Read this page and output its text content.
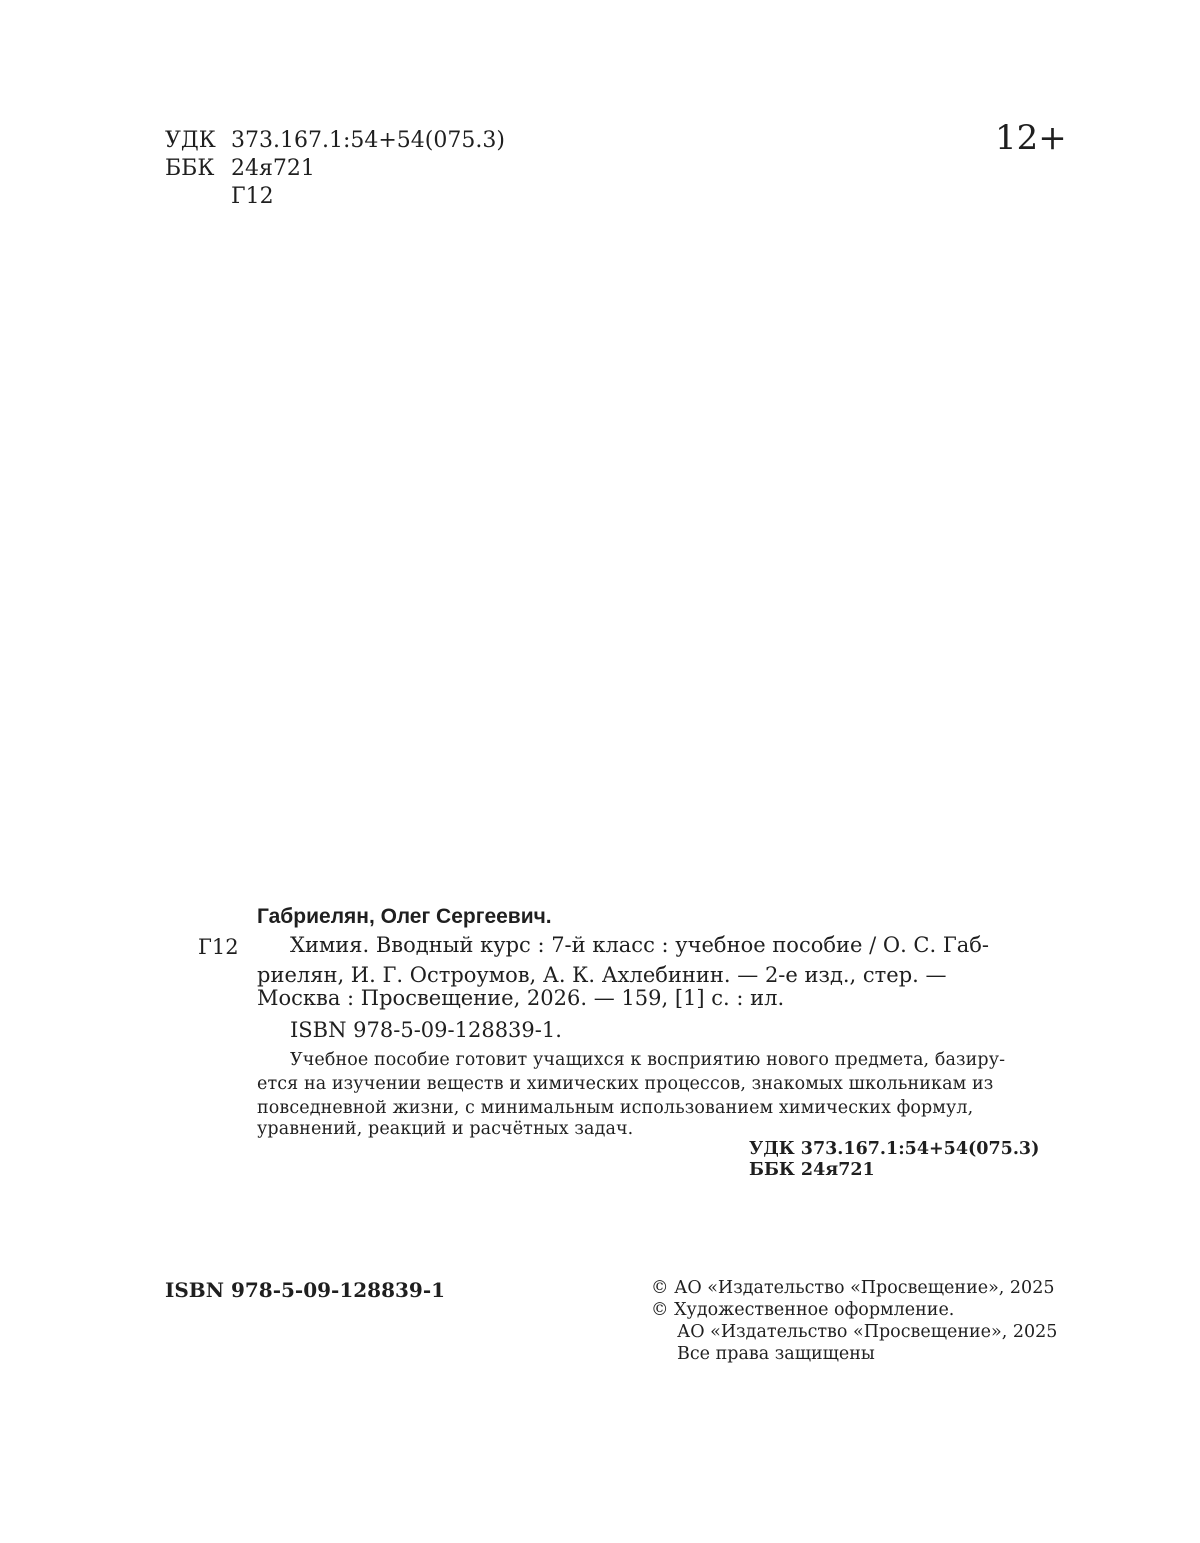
УДК 373.167.1:54+54(075.3)
ББК 24я721
Г12
12+
Габриелян, Олег Сергеевич.
Г12 Химия. Вводный курс : 7-й класс : учебное пособие / О. С. Габ-
риелян, И. Г. Остроумов, А. К. Ахлебинин. — 2-е изд., стер. —
Москва : Просвещение, 2026. — 159, [1] с. : ил.
ISBN 978-5-09-128839-1.
Учебное пособие готовит учащихся к восприятию нового предмета, базиру-
ется на изучении веществ и химических процессов, знакомых школьникам из
повседневной жизни, с минимальным использованием химических формул,
уравнений, реакций и расчётных задач.
УДК 373.167.1:54+54(075.3)
ББК 24я721
ISBN 978-5-09-128839-1	© АО «Издательство «Просвещение», 2025
© Художественное оформление.
АО «Издательство «Просвещение», 2025
Все права защищены
